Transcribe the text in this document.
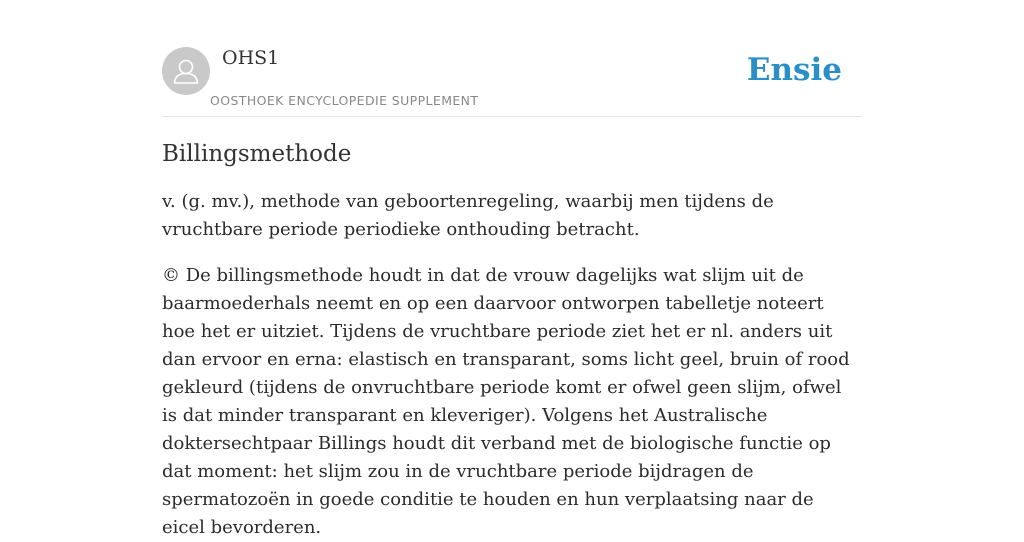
OHS1
OOSTHOEK ENCYCLOPEDIE SUPPLEMENT
Ensie
Billingsmethode

v. (g. mv.), methode van geboortenregeling, waarbij men tijdens de vruchtbare periode periodieke onthouding betracht.

© De billingsmethode houdt in dat de vrouw dagelijks wat slijm uit de baarmoederhals neemt en op een daarvoor ontworpen tabelletje noteert hoe het er uitziet. Tijdens de vruchtbare periode ziet het er nl. anders uit dan ervoor en erna: elastisch en transparant, soms licht geel, bruin of rood gekleurd (tijdens de onvruchtbare periode komt er ofwel geen slijm, ofwel is dat minder transparant en kleveriger). Volgens het Australische doktersechtpaar Billings houdt dit verband met de biologische functie op dat moment: het slijm zou in de vruchtbare periode bijdragen de spermatozoën in goede conditie te houden en hun verplaatsing naar de eicel bevorderen.
